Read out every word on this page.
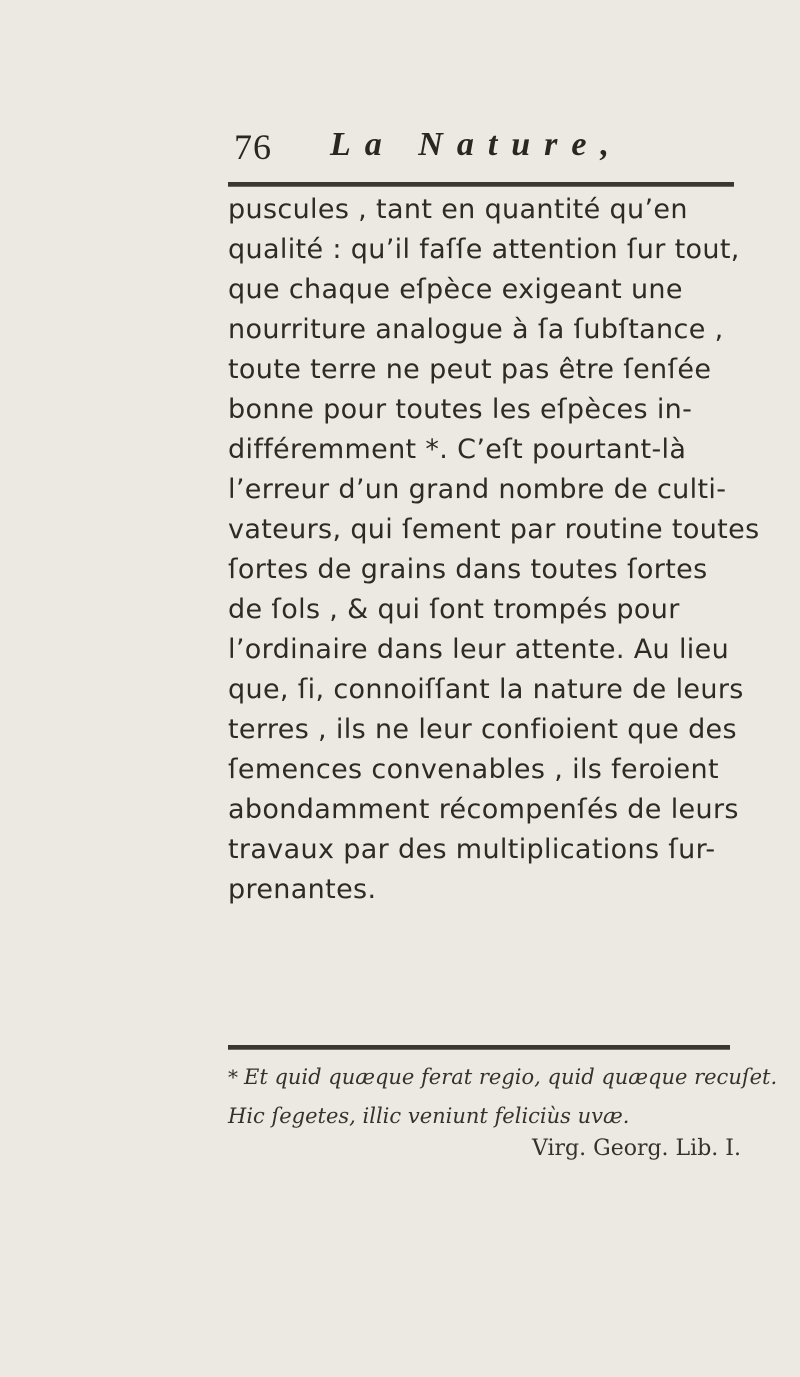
76 La Nature,
puscules , tant en quantité qu’en
qualité : qu’il faſſe attention ſur tout,
que chaque eſpèce exigeant une
nourriture analogue à ſa ſubſtance ,
toute terre ne peut pas être ſenſée
bonne pour toutes les eſpèces in-
différemment *. C’eſt pourtant-là
l’erreur d’un grand nombre de culti-
vateurs, qui ſement par routine toutes
ſortes de grains dans toutes ſortes
de ſols , & qui ſont trompés pour
l’ordinaire dans leur attente. Au lieu
que, ſi, connoiſſant la nature de leurs
terres , ils ne leur confioient que des
ſemences convenables , ils feroient
abondamment récompenſés de leurs
travaux par des multiplications ſur-
prenantes.
* Et quid quæque ferat regio, quid quæque recuſet.
Hic ſegetes, illic veniunt feliciùs uvæ.
Virg. Georg. Lib. I.
